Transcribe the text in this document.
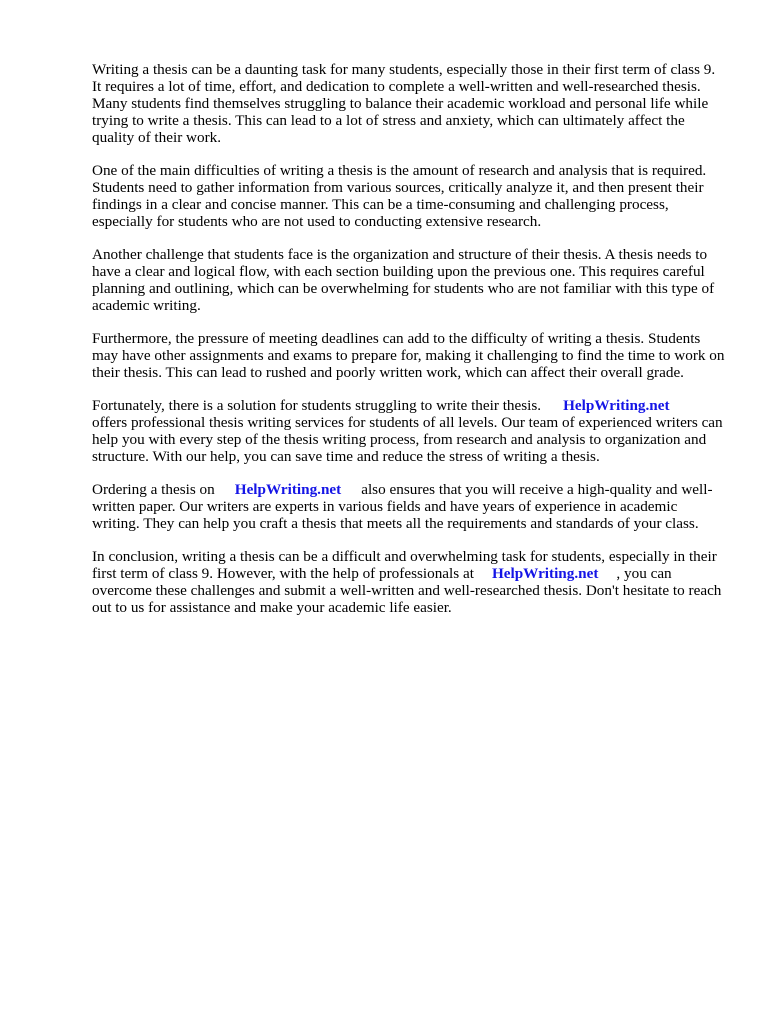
Writing a thesis can be a daunting task for many students, especially those in their first term of class 9. It requires a lot of time, effort, and dedication to complete a well-written and well-researched thesis. Many students find themselves struggling to balance their academic workload and personal life while trying to write a thesis. This can lead to a lot of stress and anxiety, which can ultimately affect the quality of their work.

One of the main difficulties of writing a thesis is the amount of research and analysis that is required. Students need to gather information from various sources, critically analyze it, and then present their findings in a clear and concise manner. This can be a time-consuming and challenging process, especially for students who are not used to conducting extensive research.

Another challenge that students face is the organization and structure of their thesis. A thesis needs to have a clear and logical flow, with each section building upon the previous one. This requires careful planning and outlining, which can be overwhelming for students who are not familiar with this type of academic writing.

Furthermore, the pressure of meeting deadlines can add to the difficulty of writing a thesis. Students may have other assignments and exams to prepare for, making it challenging to find the time to work on their thesis. This can lead to rushed and poorly written work, which can affect their overall grade.

Fortunately, there is a solution for students struggling to write their thesis. HelpWriting.net
offers professional thesis writing services for students of all levels. Our team of experienced writers can help you with every step of the thesis writing process, from research and analysis to organization and structure. With our help, you can save time and reduce the stress of writing a thesis.

Ordering a thesis on HelpWriting.net also ensures that you will receive a high-quality and well-written paper. Our writers are experts in various fields and have years of experience in academic writing. They can help you craft a thesis that meets all the requirements and standards of your class.

In conclusion, writing a thesis can be a difficult and overwhelming task for students, especially in their first term of class 9. However, with the help of professionals at HelpWriting.net , you can overcome these challenges and submit a well-written and well-researched thesis. Don't hesitate to reach out to us for assistance and make your academic life easier.
